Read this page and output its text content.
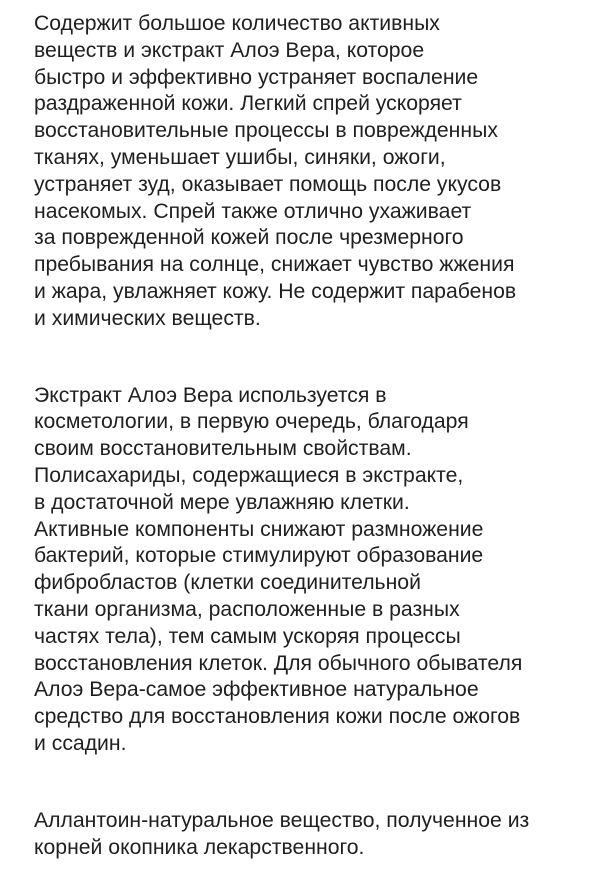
Содержит большое количество активных
веществ и экстракт Алоэ Вера, которое
быстро и эффективно устраняет воспаление
раздраженной кожи. Легкий спрей ускоряет
восстановительные процессы в поврежденных
тканях, уменьшает ушибы, синяки, ожоги,
устраняет зуд, оказывает помощь после укусов
насекомых. Спрей также отлично ухаживает
за поврежденной кожей после чрезмерного
пребывания на солнце, снижает чувство жжения
и жара, увлажняет кожу. Не содержит парабенов
и химических веществ.

Экстракт Алоэ Вера используется в
косметологии, в первую очередь, благодаря
своим восстановительным свойствам.
Полисахариды, содержащиеся в экстракте,
в достаточной мере увлажняю клетки.
Активные компоненты снижают размножение
бактерий, которые стимулируют образование
фибробластов (клетки соединительной
ткани организма, расположенные в разных
частях тела), тем самым ускоряя процессы
восстановления клеток. Для обычного обывателя
Алоэ Вера-самое эффективное натуральное
средство для восстановления кожи после ожогов
и ссадин.

Аллантоин-натуральное вещество, полученное из
корней окопника лекарственного.
